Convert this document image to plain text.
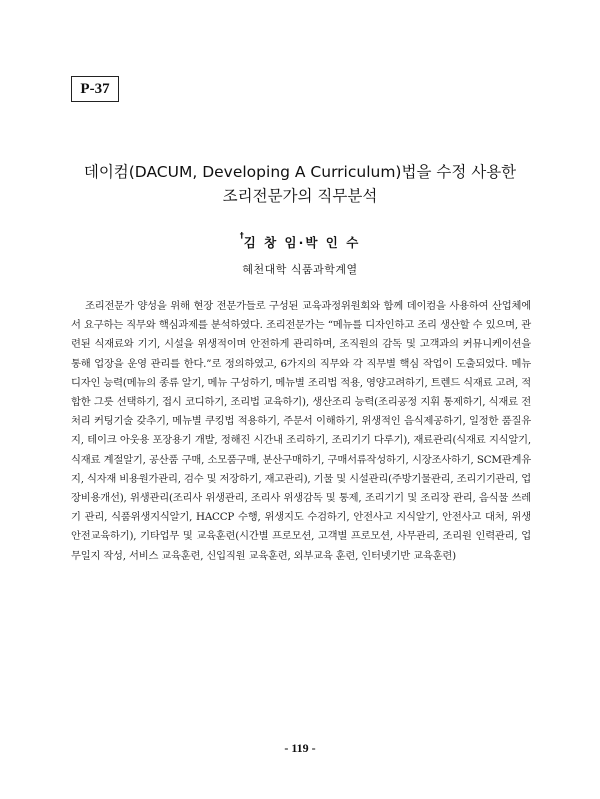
P-37
데이컴(DACUM, Developing A Curriculum)법을 수정 사용한
조리전문가의 직무분석
†김 창 임·박 인 수
혜천대학 식품과학계열

조리전문가 양성을 위해 현장 전문가들로 구성된 교육과정위원회와 함께 데이컴을 사용하여 산업체에서 요구하는 직무와 핵심과제를 분석하였다. 조리전문가는 “메뉴를 디자인하고 조리 생산할 수 있으며, 관련된 식재료와 기기, 시설을 위생적이며 안전하게 관리하며, 조직원의 감독 및 고객과의 커뮤니케이션을 통해 업장을 운영 관리를 한다.”로 정의하였고, 6가지의 직무와 각 직무별 핵심 작업이 도출되었다. 메뉴디자인 능력(메뉴의 종류 알기, 메뉴 구성하기, 메뉴별 조리법 적용, 영양고려하기, 트렌드 식재료 고려, 적합한 그릇 선택하기, 접시 코디하기, 조리법 교육하기), 생산조리 능력(조리공정 지휘 통제하기, 식재료 전처리 커팅기술 갖추기, 메뉴별 쿠킹법 적용하기, 주문서 이해하기, 위생적인 음식제공하기, 일정한 품질유지, 테이크 아웃용 포장용기 개발, 정해진 시간내 조리하기, 조리기기 다루기), 재료관리(식재료 지식알기, 식재료 계절알기, 공산품 구매, 소모품구매, 분산구매하기, 구매서류작성하기, 시장조사하기, SCM관계유지, 식자재 비용원가관리, 검수 및 저장하기, 재고관리), 기물 및 시설관리(주방기물관리, 조리기기관리, 업장비용개선), 위생관리(조리사 위생관리, 조리사 위생감독 및 통제, 조리기기 및 조리장 관리, 음식물 쓰레기 관리, 식품위생지식알기, HACCP 수행, 위생지도 수검하기, 안전사고 지식알기, 안전사고 대처, 위생안전교육하기), 기타업무 및 교육훈련(시간별 프로모션, 고객별 프로모션, 사무관리, 조리원 인력관리, 업무일지 작성, 서비스 교육훈련, 신입직원 교육훈련, 외부교육 훈련, 인터넷기반 교육훈련)

- 119 -
